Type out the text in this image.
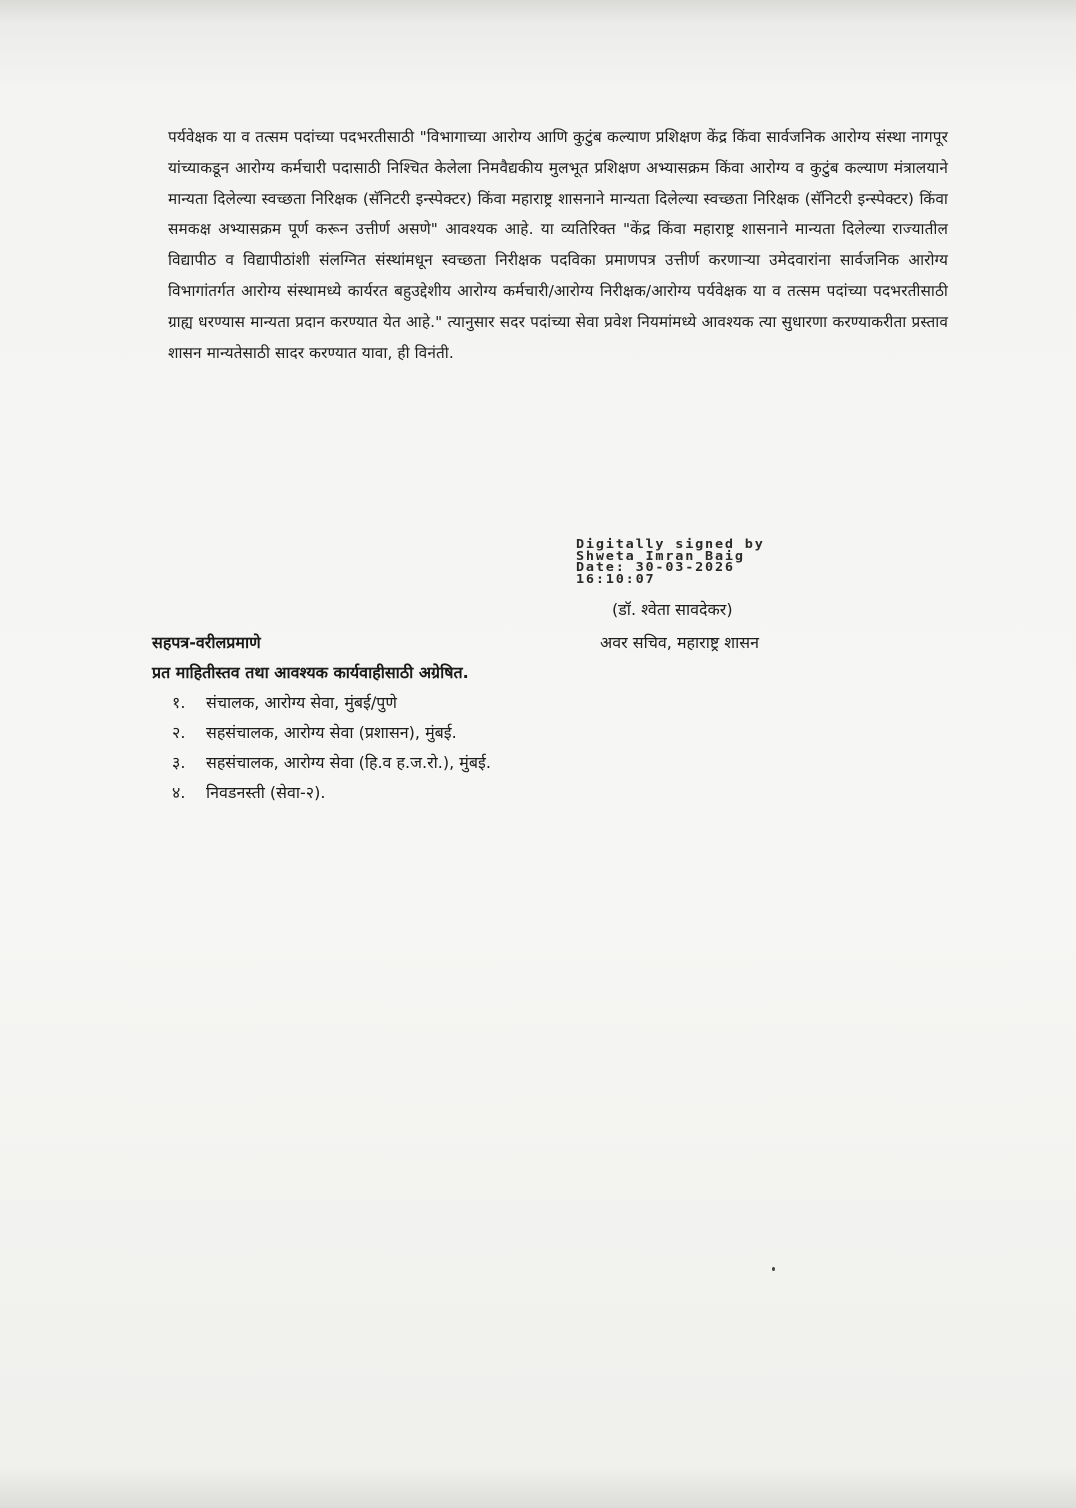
पर्यवेक्षक या व तत्सम पदांच्या पदभरतीसाठी "विभागाच्या आरोग्य आणि कुटुंब कल्याण प्रशिक्षण केंद्र किंवा सार्वजनिक आरोग्य संस्था नागपूर यांच्याकडून आरोग्य कर्मचारी पदासाठी निश्चित केलेला निमवैद्यकीय मुलभूत प्रशिक्षण अभ्यासक्रम किंवा आरोग्य व कुटुंब कल्याण मंत्रालयाने मान्यता दिलेल्या स्वच्छता निरिक्षक (सॅनिटरी इन्स्पेक्टर) किंवा महाराष्ट्र शासनाने मान्यता दिलेल्या स्वच्छता निरिक्षक (सॅनिटरी इन्स्पेक्टर) किंवा समकक्ष अभ्यासक्रम पूर्ण करून उत्तीर्ण असणे" आवश्यक आहे. या व्यतिरिक्त "केंद्र किंवा महाराष्ट्र शासनाने मान्यता दिलेल्या राज्यातील विद्यापीठ व विद्यापीठांशी संलग्नित संस्थांमधून स्वच्छता निरीक्षक पदविका प्रमाणपत्र उत्तीर्ण करणाऱ्या उमेदवारांना सार्वजनिक आरोग्य विभागांतर्गत आरोग्य संस्थामध्ये कार्यरत बहुउद्देशीय आरोग्य कर्मचारी/आरोग्य निरीक्षक/आरोग्य पर्यवेक्षक या व तत्सम पदांच्या पदभरतीसाठी ग्राह्य धरण्यास मान्यता प्रदान करण्यात येत आहे." त्यानुसार सदर पदांच्या सेवा प्रवेश नियमांमध्ये आवश्यक त्या सुधारणा करण्याकरीता प्रस्ताव शासन मान्यतेसाठी सादर करण्यात यावा, ही विनंती.

Digitally signed by
Shweta Imran Baig
Date: 30-03-2026
16:10:07
(डॉ. श्वेता सावदेकर)
अवर सचिव, महाराष्ट्र शासन
सहपत्र-वरीलप्रमाणे
प्रत माहितीस्तव तथा आवश्यक कार्यवाहीसाठी अग्रेषित.
१. संचालक, आरोग्य सेवा, मुंबई/पुणे
२. सहसंचालक, आरोग्य सेवा (प्रशासन), मुंबई.
३. सहसंचालक, आरोग्य सेवा (हि.व ह.ज.रो.), मुंबई.
४. निवडनस्ती (सेवा-२).
